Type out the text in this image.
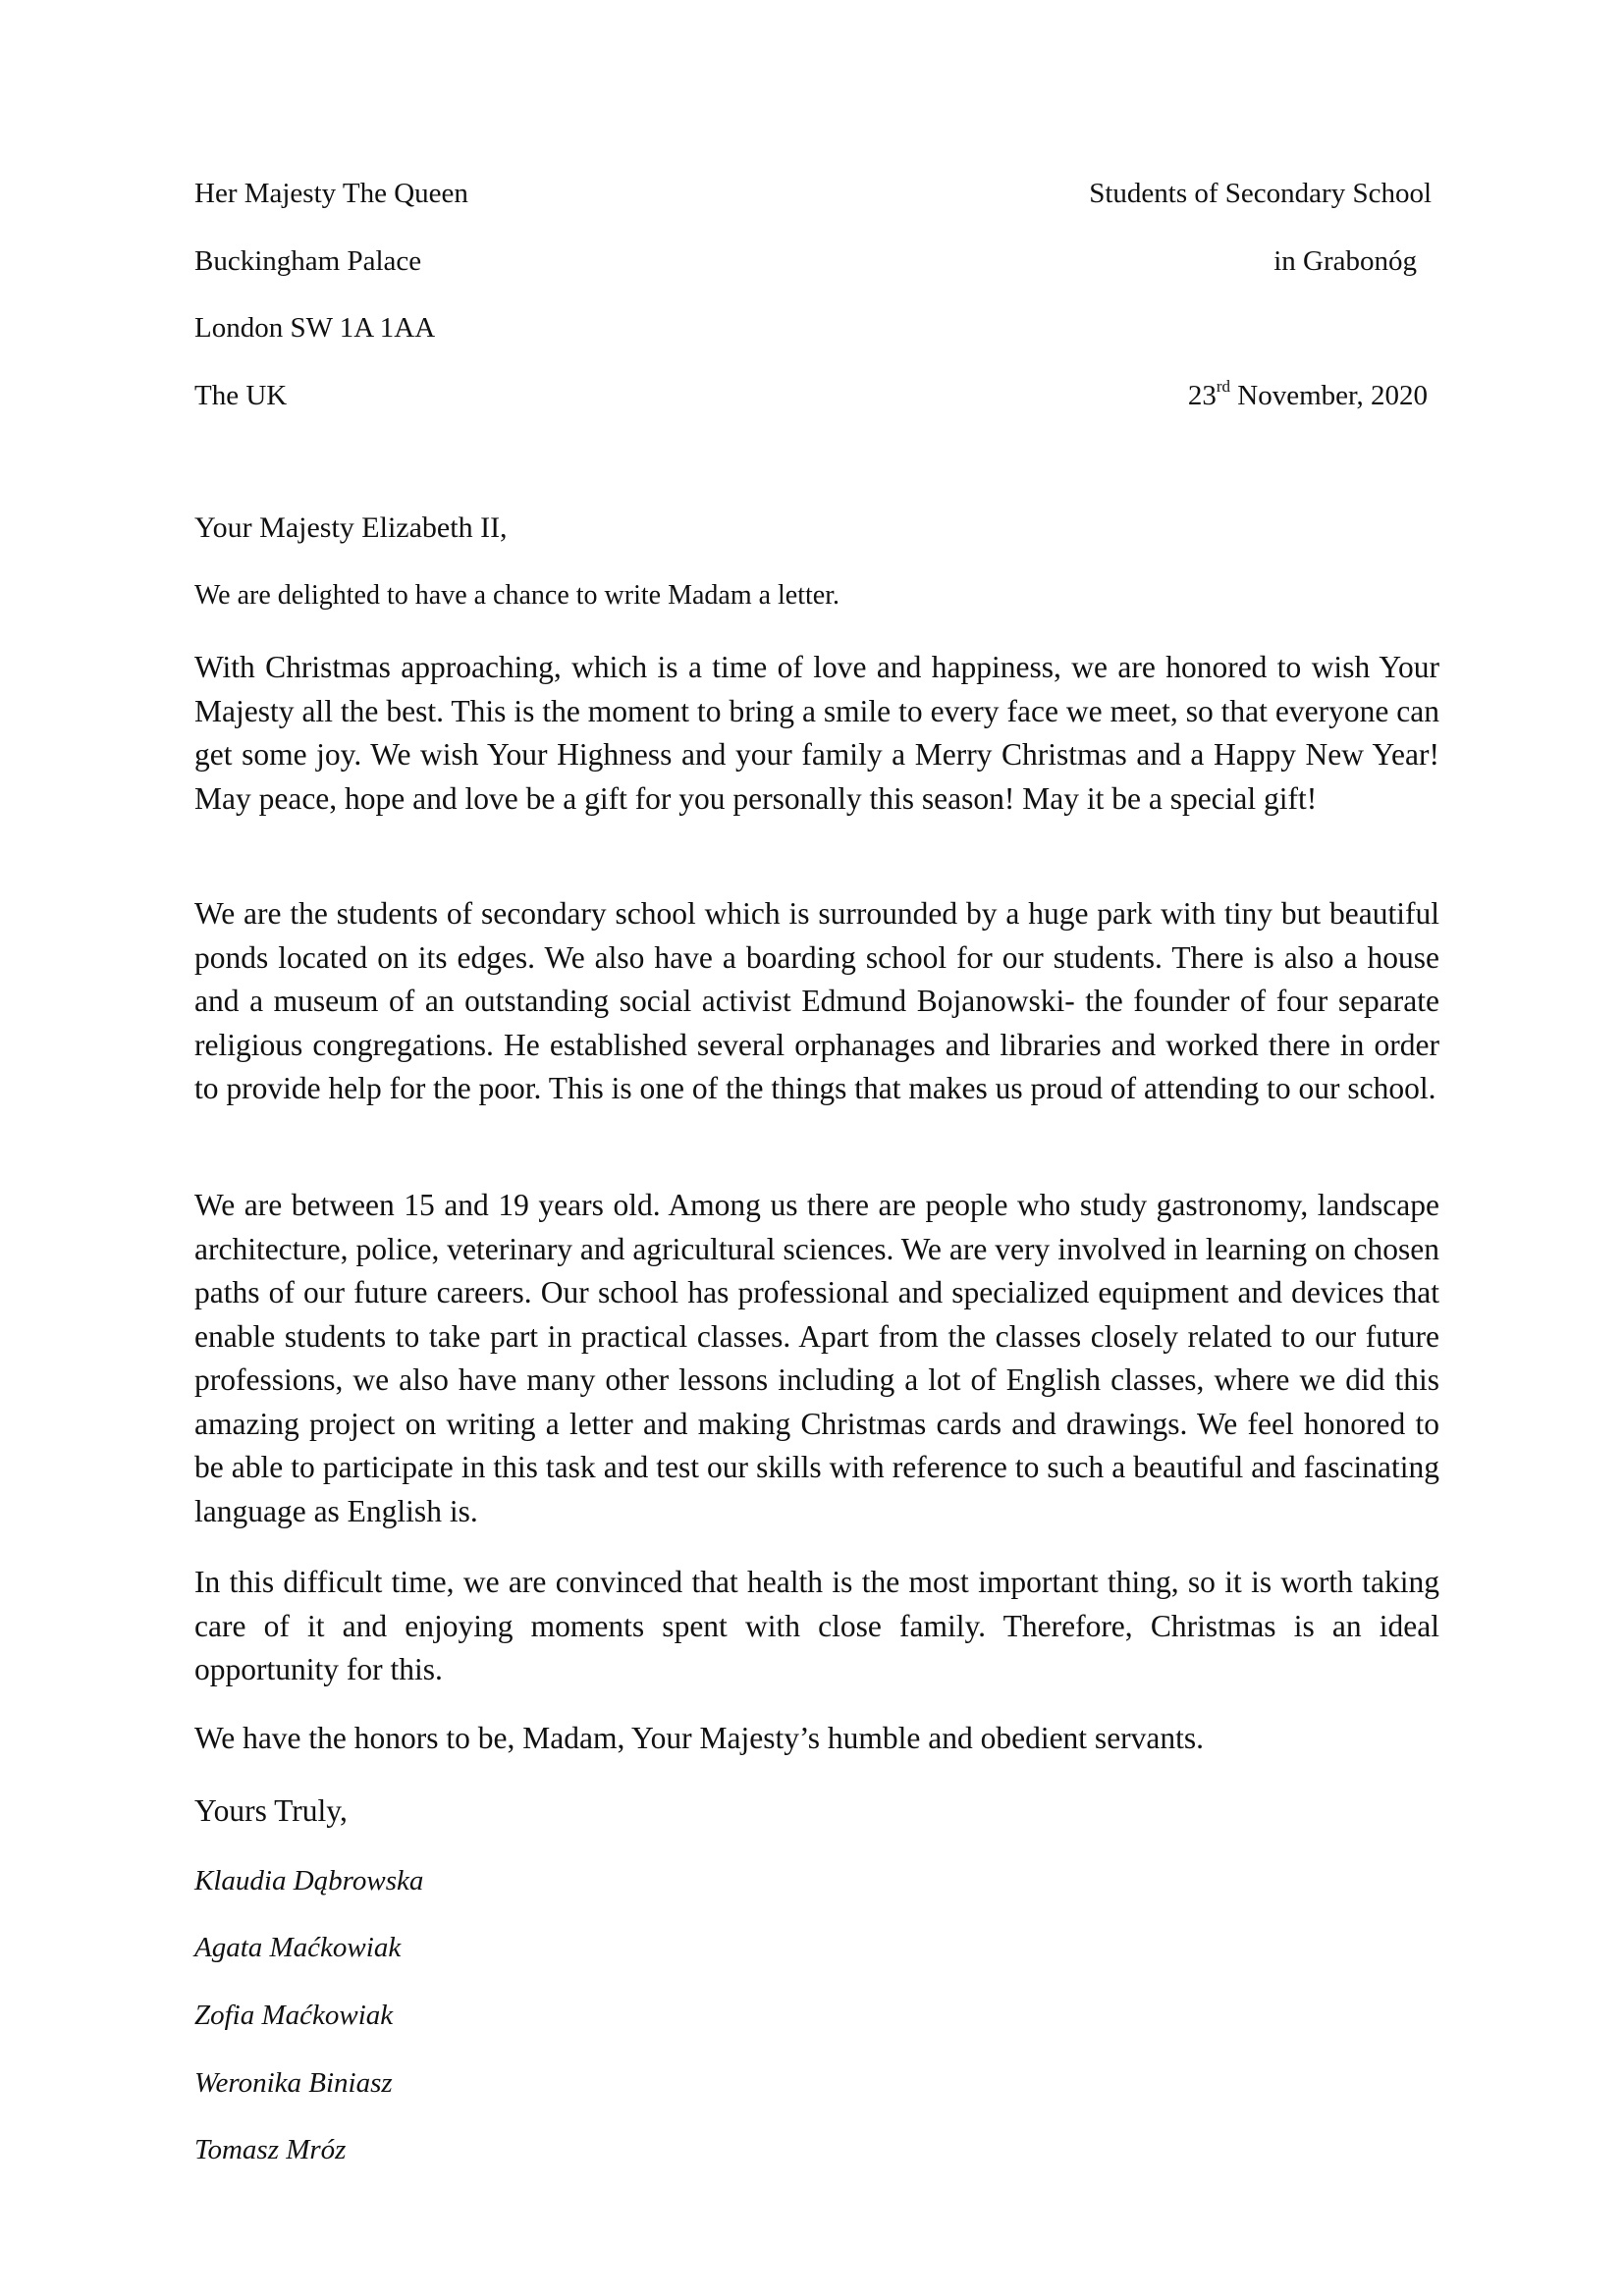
Her Majesty The Queen
Buckingham Palace
London SW 1A 1AA
The UK
Students of Secondary School
in Grabonóg
23rd November, 2020
Your Majesty Elizabeth II,
We are delighted to have a chance to write Madam a letter.

With Christmas approaching, which is a time of love and happiness, we are honored to wish Your Majesty all the best. This is the moment to bring a smile to every face we meet, so that everyone can get some joy. We wish Your Highness and your family a Merry Christmas and a Happy New Year! May peace, hope and love be a gift for you personally this season! May it be a special gift!

We are the students of secondary school which is surrounded by a huge park with tiny but beautiful ponds located on its edges. We also have a boarding school for our students. There is also a house and a museum of an outstanding social activist Edmund Bojanowski- the founder of four separate religious congregations. He established several orphanages and libraries and worked there in order to provide help for the poor. This is one of the things that makes us proud of attending to our school.

We are between 15 and 19 years old. Among us there are people who study gastronomy, landscape architecture, police, veterinary and agricultural sciences. We are very involved in learning on chosen paths of our future careers. Our school has professional and specialized equipment and devices that enable students to take part in practical classes. Apart from the classes closely related to our future professions, we also have many other lessons including a lot of English classes, where we did this amazing project on writing a letter and making Christmas cards and drawings. We feel honored to be able to participate in this task and test our skills with reference to such a beautiful and fascinating language as English is.

In this difficult time, we are convinced that health is the most important thing, so it is worth taking care of it and enjoying moments spent with close family. Therefore, Christmas is an ideal opportunity for this.

We have the honors to be, Madam, Your Majesty’s humble and obedient servants.
Yours Truly,
Klaudia Dąbrowska
Agata Maćkowiak
Zofia Maćkowiak
Weronika Biniasz
Tomasz Mróz
